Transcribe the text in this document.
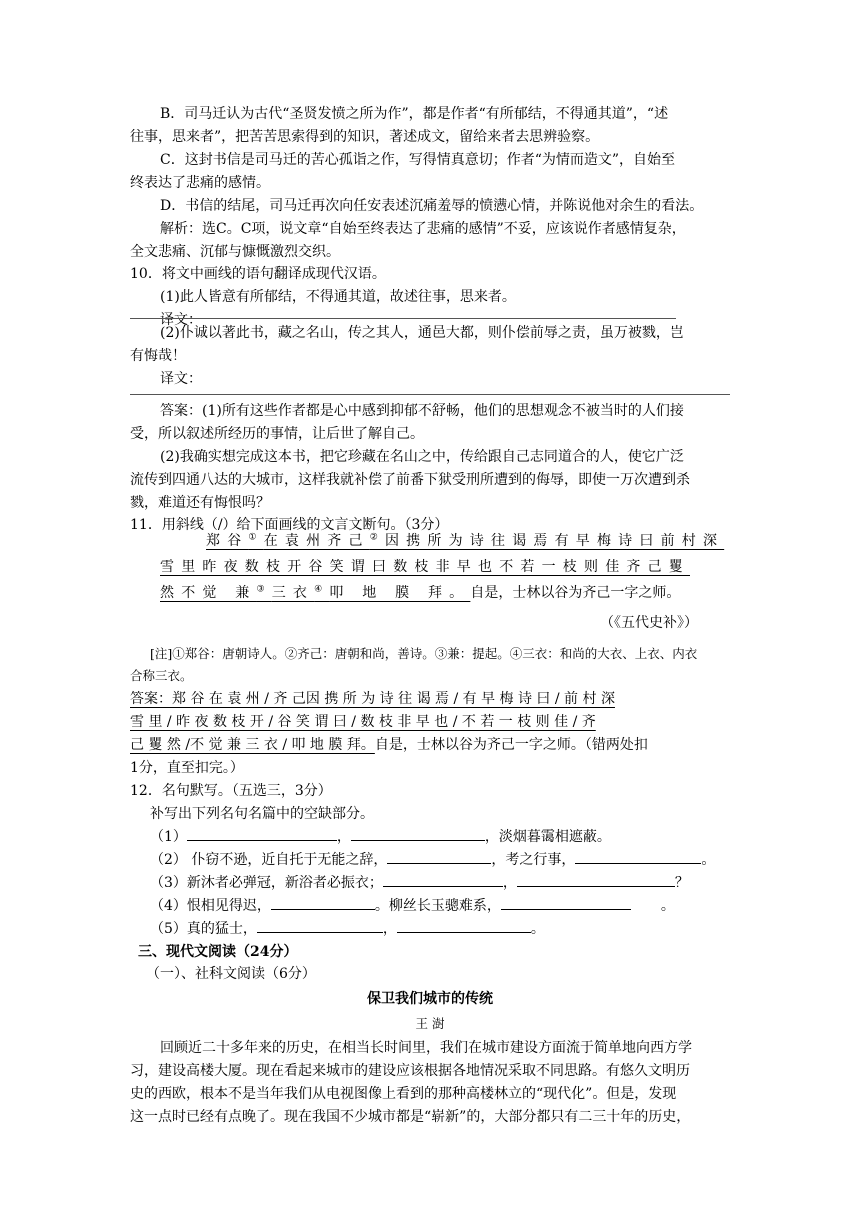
B．司马迁认为古代“圣贤发愤之所为作”，都是作者“有所郁结，不得通其道”，“述
往事，思来者”，把苦苦思索得到的知识，著述成文，留给来者去思辨验察。
C．这封书信是司马迁的苦心孤诣之作，写得情真意切；作者“为情而造文”，自始至
终表达了悲痛的感情。
D．书信的结尾，司马迁再次向任安表述沉痛羞辱的愤懑心情，并陈说他对余生的看法。
解析：选C。C项，说文章“自始至终表达了悲痛的感情”不妥，应该说作者感情复杂，
全文悲痛、沉郁与慷慨激烈交织。
10．将文中画线的语句翻译成现代汉语。
(1)此人皆意有所郁结，不得通其道，故述往事，思来者。
译文：
(2)仆诚以著此书，藏之名山，传之其人，通邑大都，则仆偿前辱之责，虽万被戮，岂
有悔哉！
译文：
答案：(1)所有这些作者都是心中感到抑郁不舒畅，他们的思想观念不被当时的人们接
受，所以叙述所经历的事情，让后世了解自己。
(2)我确实想完成这本书，把它珍藏在名山之中，传给跟自己志同道合的人，使它广泛
流传到四通八达的大城市，这样我就补偿了前番下狱受刑所遭到的侮辱，即使一万次遭到杀
戮，难道还有悔恨吗？
11．用斜线（/）给下面画线的文言文断句。（3分）
郑谷①在袁州齐己②因携所为诗往谒焉有早梅诗曰前村深
雪里昨夜数枝开谷笑谓曰数枝非早也不若一枝则佳齐己矍
然不觉 兼③三衣④叩 地 膜 拜。自是，士林以谷为齐己一字之师。
（《五代史补》）
[注]①郑谷：唐朝诗人。②齐己：唐朝和尚，善诗。③兼：提起。④三衣：和尚的大衣、上衣、内衣
合称三衣。
答案：郑 谷 在 袁 州 / 齐 己因 携 所 为 诗 往 谒 焉 / 有 早 梅 诗 曰 / 前 村 深
雪 里 / 昨 夜 数 枝 开 / 谷 笑 谓 曰 / 数 枝 非 早 也 / 不 若 一 枝 则 佳 / 齐
己 矍 然 /不 觉 兼 三 衣 / 叩 地 膜 拜。自是，士林以谷为齐己一字之师。（错两处扣
1分，直至扣完。）
12．名句默写。（五选三，3分）
补写出下列名句名篇中的空缺部分。
（1）	，	，淡烟暮霭相遮蔽。
（2） 仆窃不逊，近自托于无能之辞，	，考之行事，	。
（3）新沐者必弹冠，新浴者必振衣；	，	？
（4）恨相见得迟，	。柳丝长玉骢难系，	。
（5）真的猛士，	，	。
三、现代文阅读（24分）
（一）、社科文阅读（6分）
保卫我们城市的传统
王 澍
回顾近二十多年来的历史，在相当长时间里，我们在城市建设方面流于简单地向西方学
习，建设高楼大厦。现在看起来城市的建设应该根据各地情况采取不同思路。有悠久文明历
史的西欧，根本不是当年我们从电视图像上看到的那种高楼林立的“现代化”。但是，发现
这一点时已经有点晚了。现在我国不少城市都是“崭新”的，大部分都只有二三十年的历史，
